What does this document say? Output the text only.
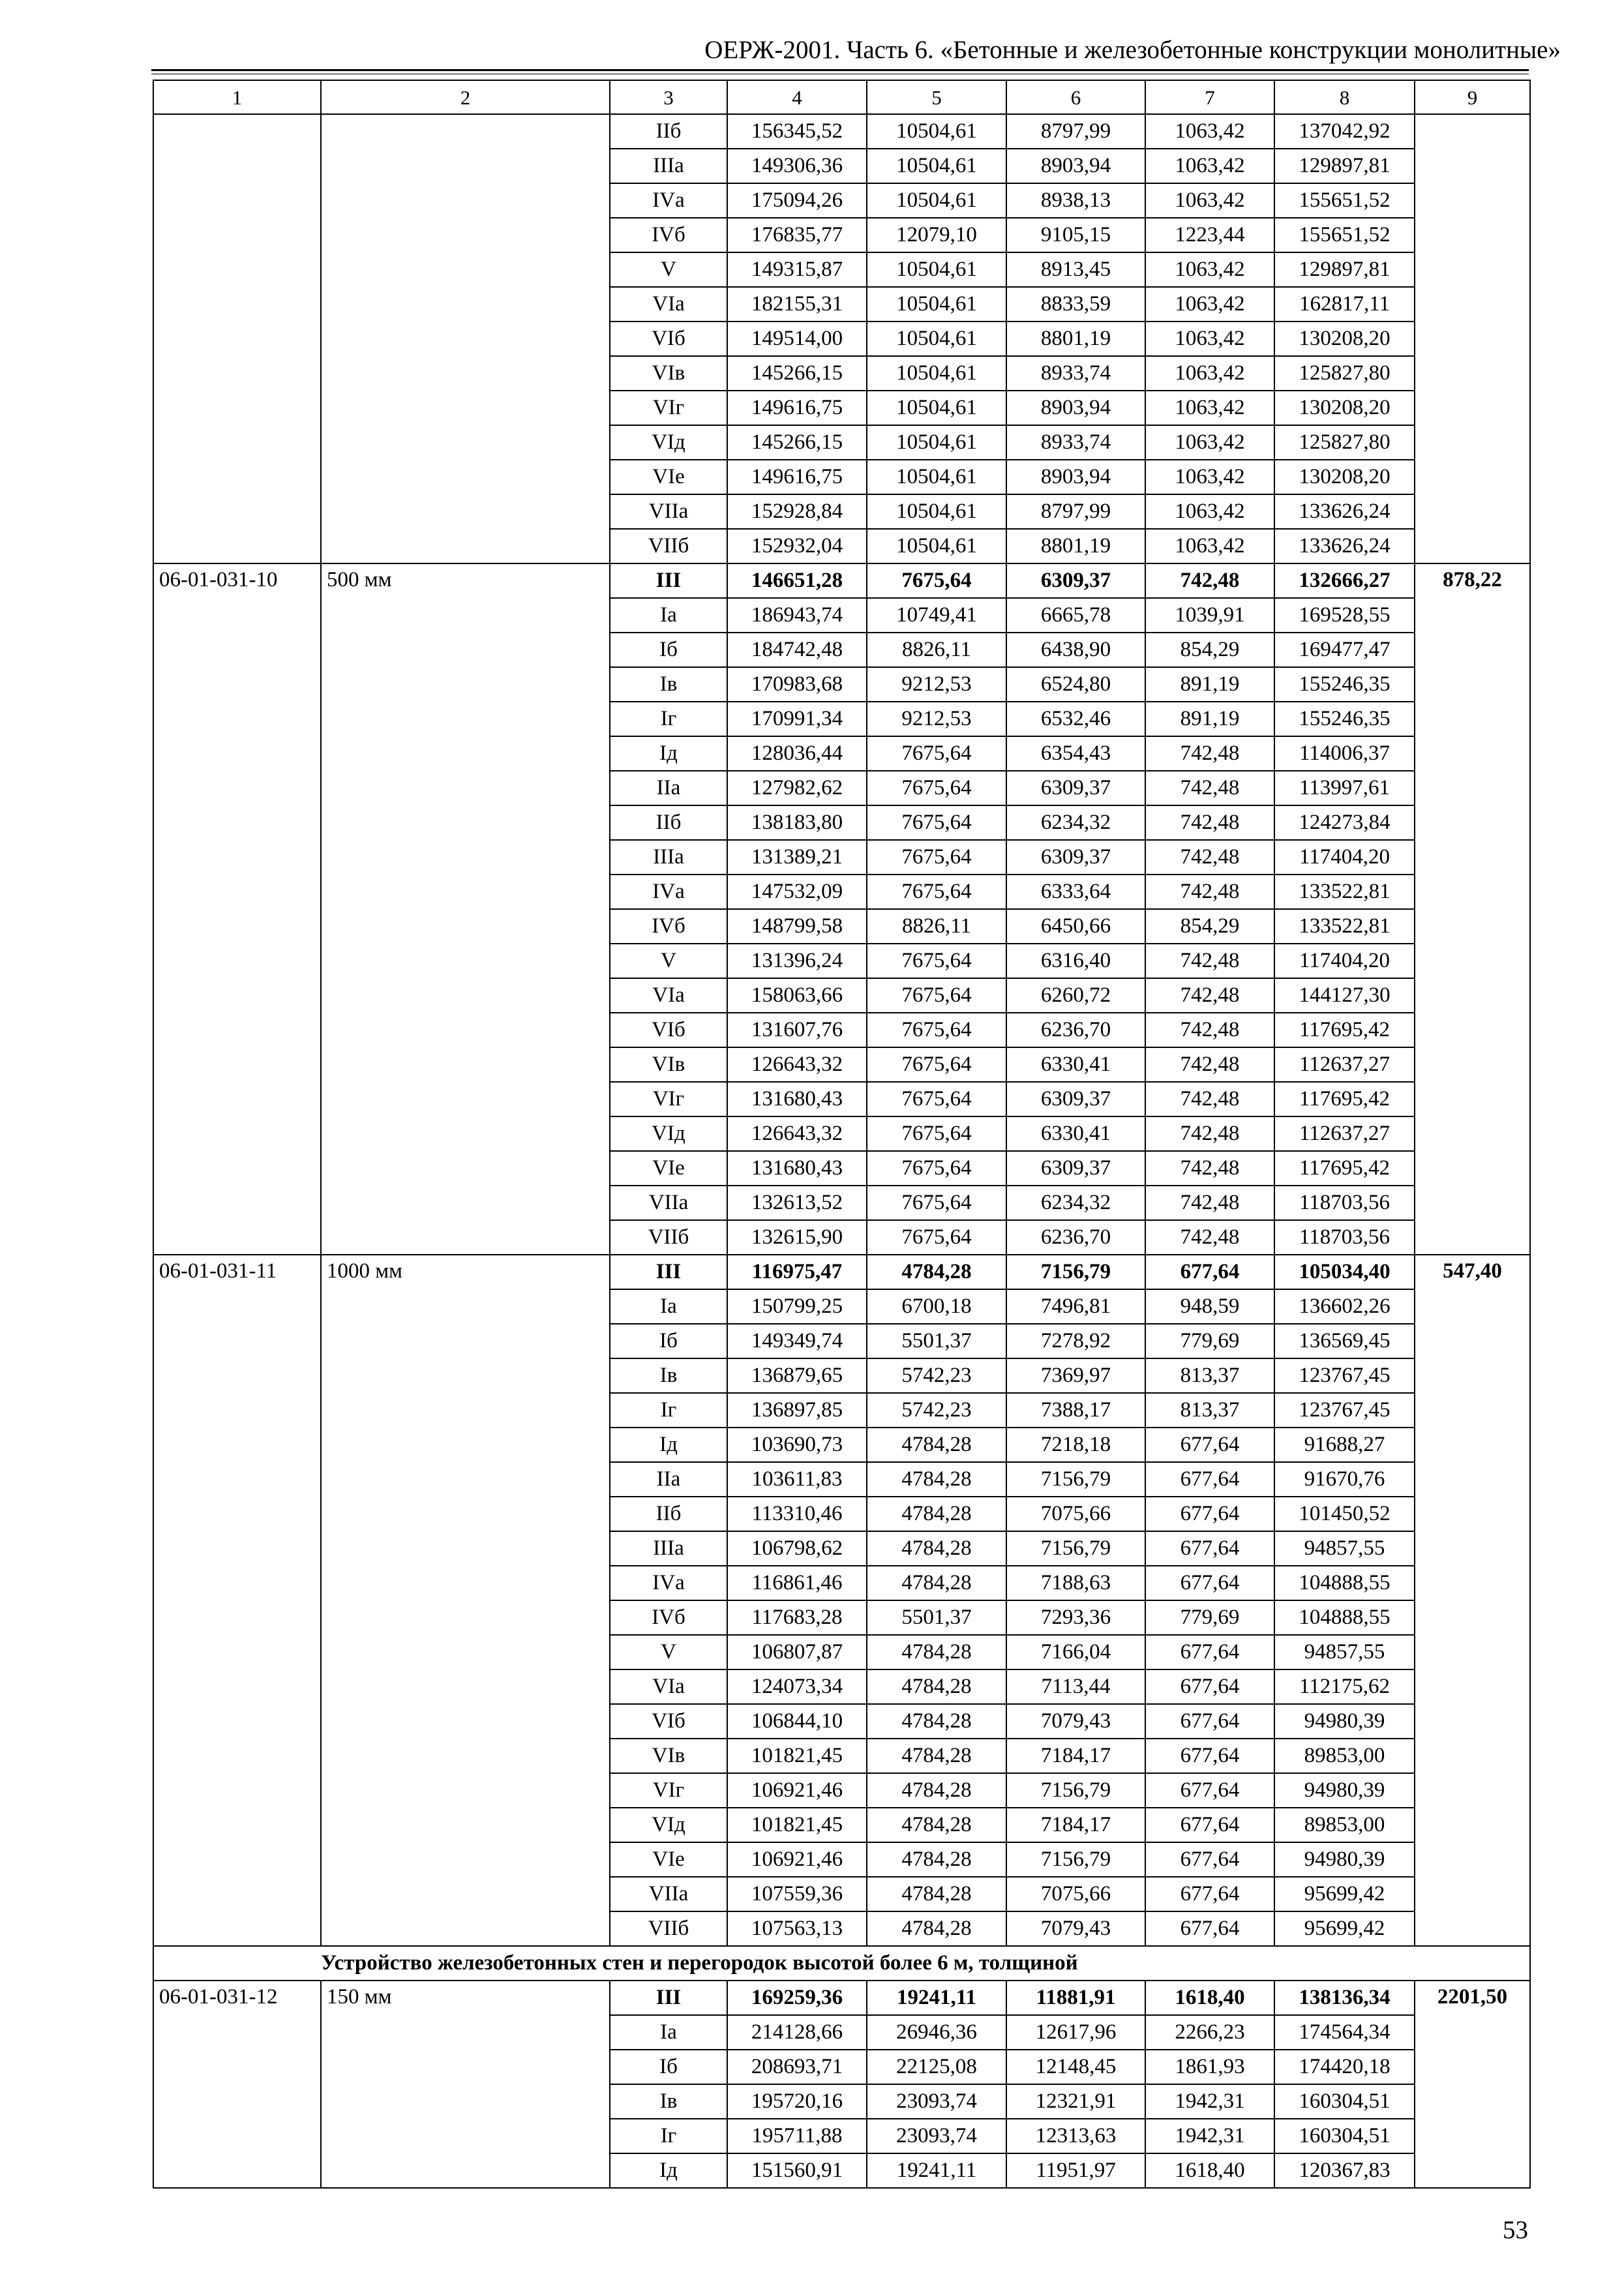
ОЕРЖ-2001. Часть 6. «Бетонные и железобетонные конструкции монолитные»
1	2	3	4	5	6	7	8	9
		IIб	156345,52	10504,61	8797,99	1063,42	137042,92	
		IIIа	149306,36	10504,61	8903,94	1063,42	129897,81	
		IVа	175094,26	10504,61	8938,13	1063,42	155651,52	
		IVб	176835,77	12079,10	9105,15	1223,44	155651,52	
		V	149315,87	10504,61	8913,45	1063,42	129897,81	
		VIа	182155,31	10504,61	8833,59	1063,42	162817,11	
		VIб	149514,00	10504,61	8801,19	1063,42	130208,20	
		VIв	145266,15	10504,61	8933,74	1063,42	125827,80	
		VIг	149616,75	10504,61	8903,94	1063,42	130208,20	
		VIд	145266,15	10504,61	8933,74	1063,42	125827,80	
		VIе	149616,75	10504,61	8903,94	1063,42	130208,20	
		VIIа	152928,84	10504,61	8797,99	1063,42	133626,24	
		VIIб	152932,04	10504,61	8801,19	1063,42	133626,24	
06-01-031-10	500 мм	III	146651,28	7675,64	6309,37	742,48	132666,27	878,22
		Iа	186943,74	10749,41	6665,78	1039,91	169528,55	
		Iб	184742,48	8826,11	6438,90	854,29	169477,47	
		Iв	170983,68	9212,53	6524,80	891,19	155246,35	
		Iг	170991,34	9212,53	6532,46	891,19	155246,35	
		Iд	128036,44	7675,64	6354,43	742,48	114006,37	
		IIа	127982,62	7675,64	6309,37	742,48	113997,61	
		IIб	138183,80	7675,64	6234,32	742,48	124273,84	
		IIIа	131389,21	7675,64	6309,37	742,48	117404,20	
		IVа	147532,09	7675,64	6333,64	742,48	133522,81	
		IVб	148799,58	8826,11	6450,66	854,29	133522,81	
		V	131396,24	7675,64	6316,40	742,48	117404,20	
		VIа	158063,66	7675,64	6260,72	742,48	144127,30	
		VIб	131607,76	7675,64	6236,70	742,48	117695,42	
		VIв	126643,32	7675,64	6330,41	742,48	112637,27	
		VIг	131680,43	7675,64	6309,37	742,48	117695,42	
		VIд	126643,32	7675,64	6330,41	742,48	112637,27	
		VIе	131680,43	7675,64	6309,37	742,48	117695,42	
		VIIа	132613,52	7675,64	6234,32	742,48	118703,56	
		VIIб	132615,90	7675,64	6236,70	742,48	118703,56	
06-01-031-11	1000 мм	III	116975,47	4784,28	7156,79	677,64	105034,40	547,40
		Iа	150799,25	6700,18	7496,81	948,59	136602,26	
		Iб	149349,74	5501,37	7278,92	779,69	136569,45	
		Iв	136879,65	5742,23	7369,97	813,37	123767,45	
		Iг	136897,85	5742,23	7388,17	813,37	123767,45	
		Iд	103690,73	4784,28	7218,18	677,64	91688,27	
		IIа	103611,83	4784,28	7156,79	677,64	91670,76	
		IIб	113310,46	4784,28	7075,66	677,64	101450,52	
		IIIа	106798,62	4784,28	7156,79	677,64	94857,55	
		IVа	116861,46	4784,28	7188,63	677,64	104888,55	
		IVб	117683,28	5501,37	7293,36	779,69	104888,55	
		V	106807,87	4784,28	7166,04	677,64	94857,55	
		VIа	124073,34	4784,28	7113,44	677,64	112175,62	
		VIб	106844,10	4784,28	7079,43	677,64	94980,39	
		VIв	101821,45	4784,28	7184,17	677,64	89853,00	
		VIг	106921,46	4784,28	7156,79	677,64	94980,39	
		VIд	101821,45	4784,28	7184,17	677,64	89853,00	
		VIе	106921,46	4784,28	7156,79	677,64	94980,39	
		VIIа	107559,36	4784,28	7075,66	677,64	95699,42	
		VIIб	107563,13	4784,28	7079,43	677,64	95699,42	
	Устройство железобетонных стен и перегородок высотой более 6 м, толщиной							
06-01-031-12	150 мм	III	169259,36	19241,11	11881,91	1618,40	138136,34	2201,50
		Iа	214128,66	26946,36	12617,96	2266,23	174564,34	
		Iб	208693,71	22125,08	12148,45	1861,93	174420,18	
		Iв	195720,16	23093,74	12321,91	1942,31	160304,51	
		Iг	195711,88	23093,74	12313,63	1942,31	160304,51	
		Iд	151560,91	19241,11	11951,97	1618,40	120367,83	
53
